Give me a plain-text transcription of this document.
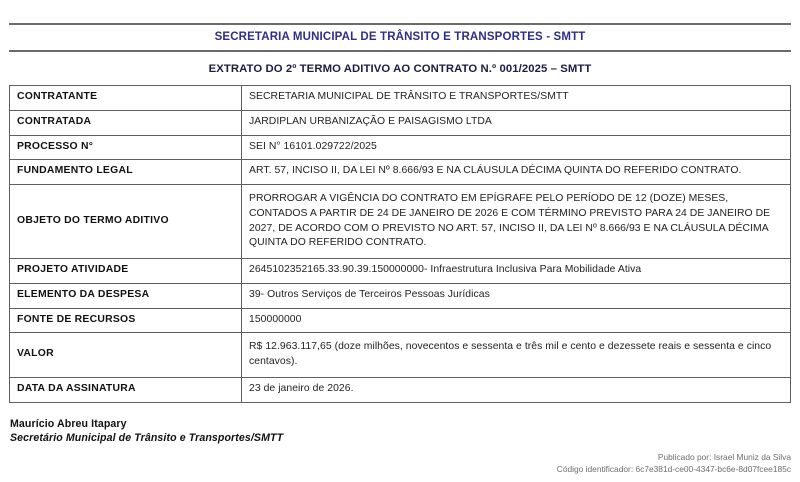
SECRETARIA MUNICIPAL DE TRÂNSITO E TRANSPORTES - SMTT
EXTRATO DO 2º TERMO ADITIVO AO CONTRATO N.º 001/2025 – SMTT
CONTRATANTE	SECRETARIA MUNICIPAL DE TRÂNSITO E TRANSPORTES/SMTT
CONTRATADA	JARDIPLAN URBANIZAÇÃO E PAISAGISMO LTDA
PROCESSO N°	SEI N° 16101.029722/2025
FUNDAMENTO LEGAL	ART. 57, INCISO II, DA LEI Nº 8.666/93 E NA CLÁUSULA DÉCIMA QUINTA DO REFERIDO CONTRATO.
OBJETO DO TERMO ADITIVO	PRORROGAR A VIGÊNCIA DO CONTRATO EM EPÍGRAFE PELO PERÍODO DE 12 (DOZE) MESES, CONTADOS A PARTIR DE 24 DE JANEIRO DE 2026 E COM TÉRMINO PREVISTO PARA 24 DE JANEIRO DE 2027, DE ACORDO COM O PREVISTO NO ART. 57, INCISO II, DA LEI Nº 8.666/93 E NA CLÁUSULA DÉCIMA QUINTA DO REFERIDO CONTRATO.
PROJETO ATIVIDADE	2645102352165.33.90.39.150000000- Infraestrutura Inclusiva Para Mobilidade Ativa
ELEMENTO DA DESPESA	39- Outros Serviços de Terceiros Pessoas Jurídicas
FONTE DE RECURSOS	150000000
VALOR	R$ 12.963.117,65 (doze milhões, novecentos e sessenta e três mil e cento e dezessete reais e sessenta e cinco centavos).
DATA DA ASSINATURA	23 de janeiro de 2026.
Maurício Abreu Itapary
Secretário Municipal de Trânsito e Transportes/SMTT
Publicado por: Israel Muniz da Silva
Código identificador: 6c7e381d-ce00-4347-bc6e-8d07fcee185c
